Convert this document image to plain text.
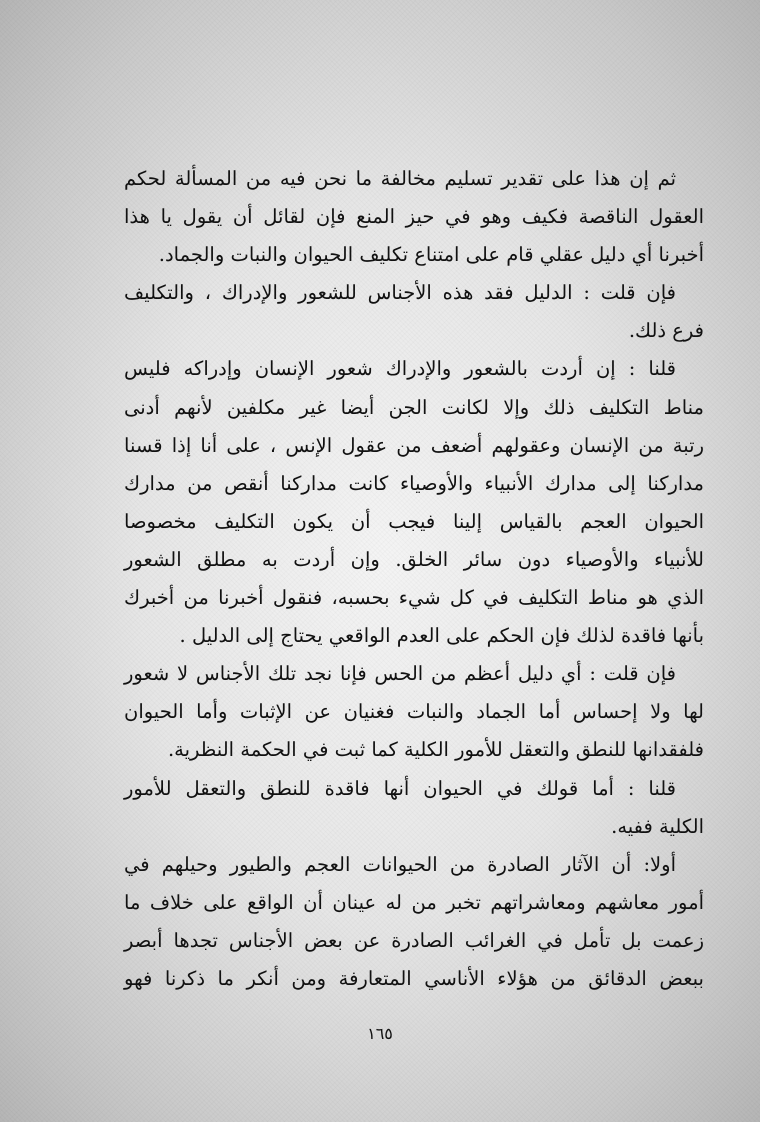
ثم إن هذا على تقدير تسليم مخالفة ما نحن فيه من المسألة لحكم
العقول الناقصة فكيف وهو في حيز المنع فإن لقائل أن يقول يا هذا
أخبرنا أي دليل عقلي قام على امتناع تكليف الحيوان والنبات والجماد.
فإن قلت : الدليل فقد هذه الأجناس للشعور والإدراك ، والتكليف
فرع ذلك.
قلنا : إن أردت بالشعور والإدراك شعور الإنسان وإدراكه فليس
مناط التكليف ذلك وإلا لكانت الجن أيضا غير مكلفين لأنهم أدنى
رتبة من الإنسان وعقولهم أضعف من عقول الإنس ، على أنا إذا قسنا
مداركنا إلى مدارك الأنبياء والأوصياء كانت مداركنا أنقص من مدارك
الحيوان العجم بالقياس إلينا فيجب أن يكون التكليف مخصوصا
للأنبياء والأوصياء دون سائر الخلق. وإن أردت به مطلق الشعور
الذي هو مناط التكليف في كل شيء بحسبه، فنقول أخبرنا من أخبرك
بأنها فاقدة لذلك فإن الحكم على العدم الواقعي يحتاج إلى الدليل .
فإن قلت : أي دليل أعظم من الحس فإنا نجد تلك الأجناس لا شعور
لها ولا إحساس أما الجماد والنبات فغنيان عن الإثبات وأما الحيوان
فلفقدانها للنطق والتعقل للأمور الكلية كما ثبت في الحكمة النظرية.
قلنا : أما قولك في الحيوان أنها فاقدة للنطق والتعقل للأمور
الكلية ففيه.
أولا: أن الآثار الصادرة من الحيوانات العجم والطيور وحيلهم في
أمور معاشهم ومعاشراتهم تخبر من له عينان أن الواقع على خلاف ما
زعمت بل تأمل في الغرائب الصادرة عن بعض الأجناس تجدها أبصر
ببعض الدقائق من هؤلاء الأناسي المتعارفة ومن أنكر ما ذكرنا فهو
١٦٥
